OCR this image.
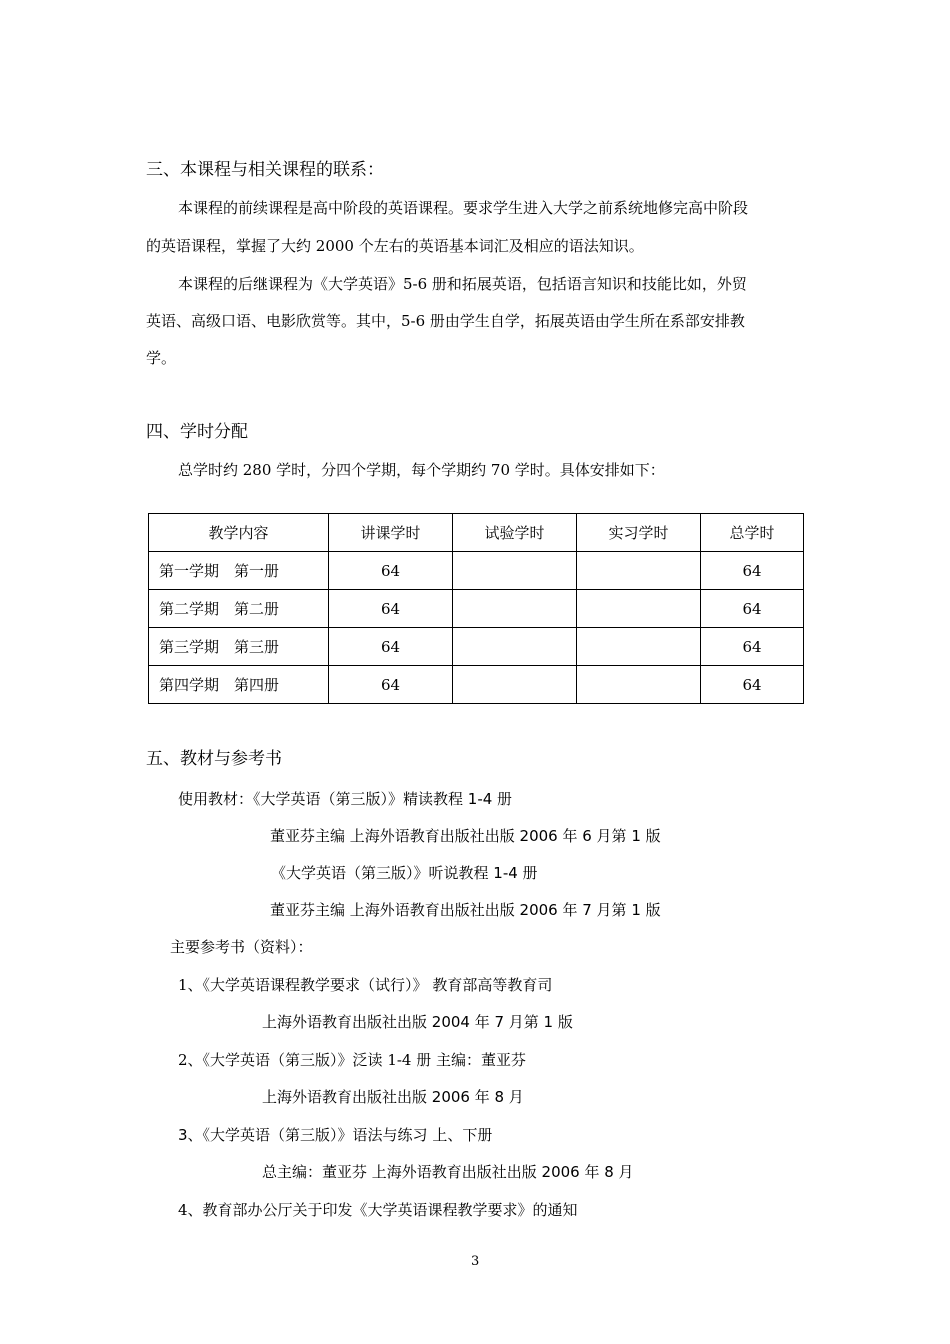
三、本课程与相关课程的联系：
本课程的前续课程是高中阶段的英语课程。要求学生进入大学之前系统地修完高中阶段
的英语课程，掌握了大约 2000 个左右的英语基本词汇及相应的语法知识。
本课程的后继课程为《大学英语》5-6 册和拓展英语，包括语言知识和技能比如，外贸
英语、高级口语、电影欣赏等。其中，5-6 册由学生自学，拓展英语由学生所在系部安排教
学。
四、学时分配
总学时约 280 学时，分四个学期，每个学期约 70 学时。具体安排如下：
教学内容	讲课学时	试验学时	实习学时	总学时
第一学期　第一册	64			64
第二学期　第二册	64			64
第三学期　第三册	64			64
第四学期　第四册	64			64
五、教材与参考书
使用教材：《大学英语（第三版）》精读教程 1-4 册
董亚芬主编 上海外语教育出版社出版 2006 年 6 月第 1 版
《大学英语（第三版）》听说教程 1-4 册
董亚芬主编 上海外语教育出版社出版 2006 年 7 月第 1 版
主要参考书（资料）：
1、《大学英语课程教学要求（试行）》 教育部高等教育司
上海外语教育出版社出版 2004 年 7 月第 1 版
2、《大学英语（第三版）》泛读 1-4 册 主编：董亚芬
上海外语教育出版社出版 2006 年 8 月
3、《大学英语（第三版）》语法与练习 上、下册
总主编：董亚芬 上海外语教育出版社出版 2006 年 8 月
4、教育部办公厅关于印发《大学英语课程教学要求》的通知
3
